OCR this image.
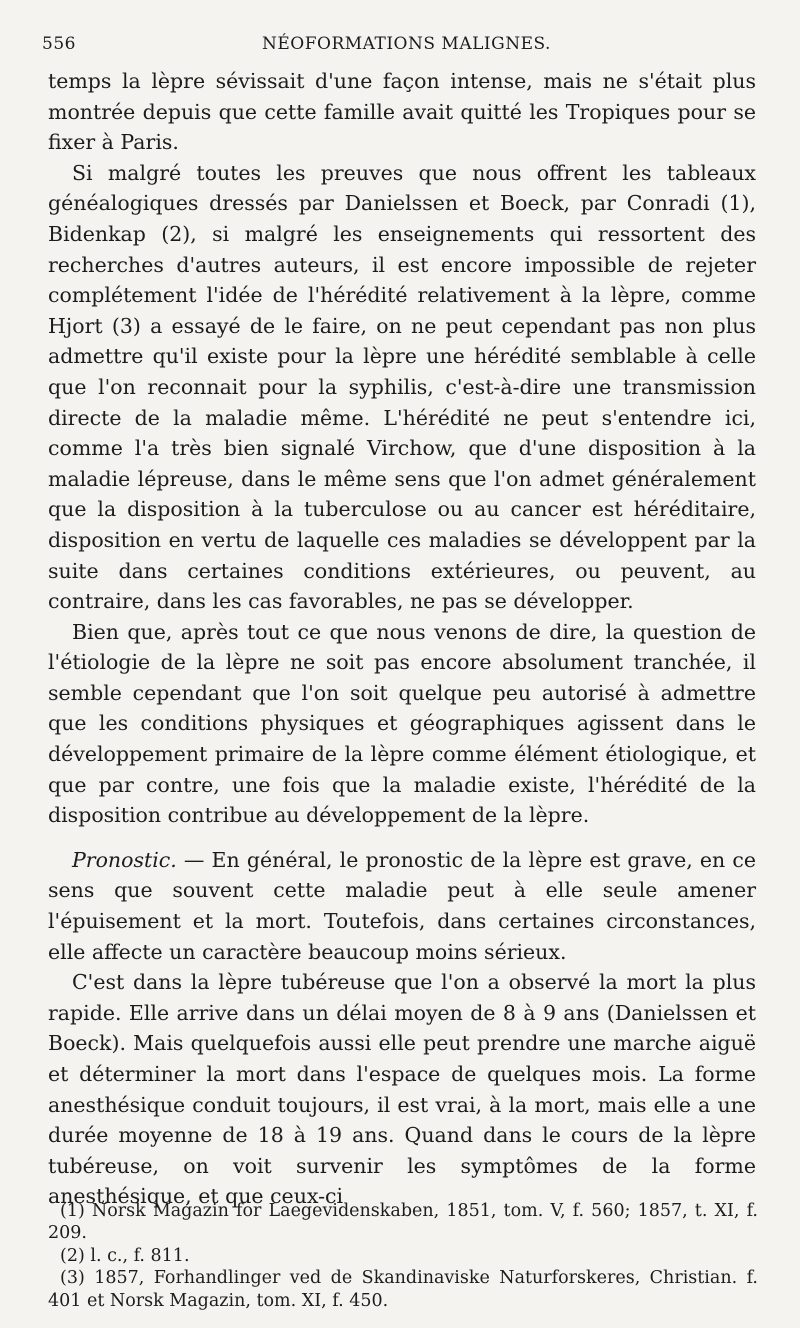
556	NÉOFORMATIONS MALIGNES.

temps la lèpre sévissait d'une façon intense, mais ne s'était plus montrée depuis que cette famille avait quitté les Tropiques pour se fixer à Paris.

Si malgré toutes les preuves que nous offrent les tableaux généalogiques dressés par Danielssen et Boeck, par Conradi (1), Bidenkap (2), si malgré les enseignements qui ressortent des recherches d'autres auteurs, il est encore impossible de rejeter complétement l'idée de l'hérédité relativement à la lèpre, comme Hjort (3) a essayé de le faire, on ne peut cependant pas non plus admettre qu'il existe pour la lèpre une hérédité semblable à celle que l'on reconnait pour la syphilis, c'est-à-dire une transmission directe de la maladie même. L'hérédité ne peut s'entendre ici, comme l'a très bien signalé Virchow, que d'une disposition à la maladie lépreuse, dans le même sens que l'on admet généralement que la disposition à la tuberculose ou au cancer est héréditaire, disposition en vertu de laquelle ces maladies se développent par la suite dans certaines conditions extérieures, ou peuvent, au contraire, dans les cas favorables, ne pas se développer.

Bien que, après tout ce que nous venons de dire, la question de l'étiologie de la lèpre ne soit pas encore absolument tranchée, il semble cependant que l'on soit quelque peu autorisé à admettre que les conditions physiques et géographiques agissent dans le développement primaire de la lèpre comme élément étiologique, et que par contre, une fois que la maladie existe, l'hérédité de la disposition contribue au développement de la lèpre.

Pronostic. — En général, le pronostic de la lèpre est grave, en ce sens que souvent cette maladie peut à elle seule amener l'épuisement et la mort. Toutefois, dans certaines circonstances, elle affecte un caractère beaucoup moins sérieux.

C'est dans la lèpre tubéreuse que l'on a observé la mort la plus rapide. Elle arrive dans un délai moyen de 8 à 9 ans (Danielssen et Boeck). Mais quelquefois aussi elle peut prendre une marche aiguë et déterminer la mort dans l'espace de quelques mois. La forme anesthésique conduit toujours, il est vrai, à la mort, mais elle a une durée moyenne de 18 à 19 ans. Quand dans le cours de la lèpre tubéreuse, on voit survenir les symptômes de la forme anesthésique, et que ceux-ci

(1) Norsk Magazin for Laegevidenskaben, 1851, tom. V, f. 560; 1857, t. XI, f. 209.

(2) l. c., f. 811.

(3) 1857, Forhandlinger ved de Skandinaviske Naturforskeres, Christian. f. 401 et Norsk Magazin, tom. XI, f. 450.
